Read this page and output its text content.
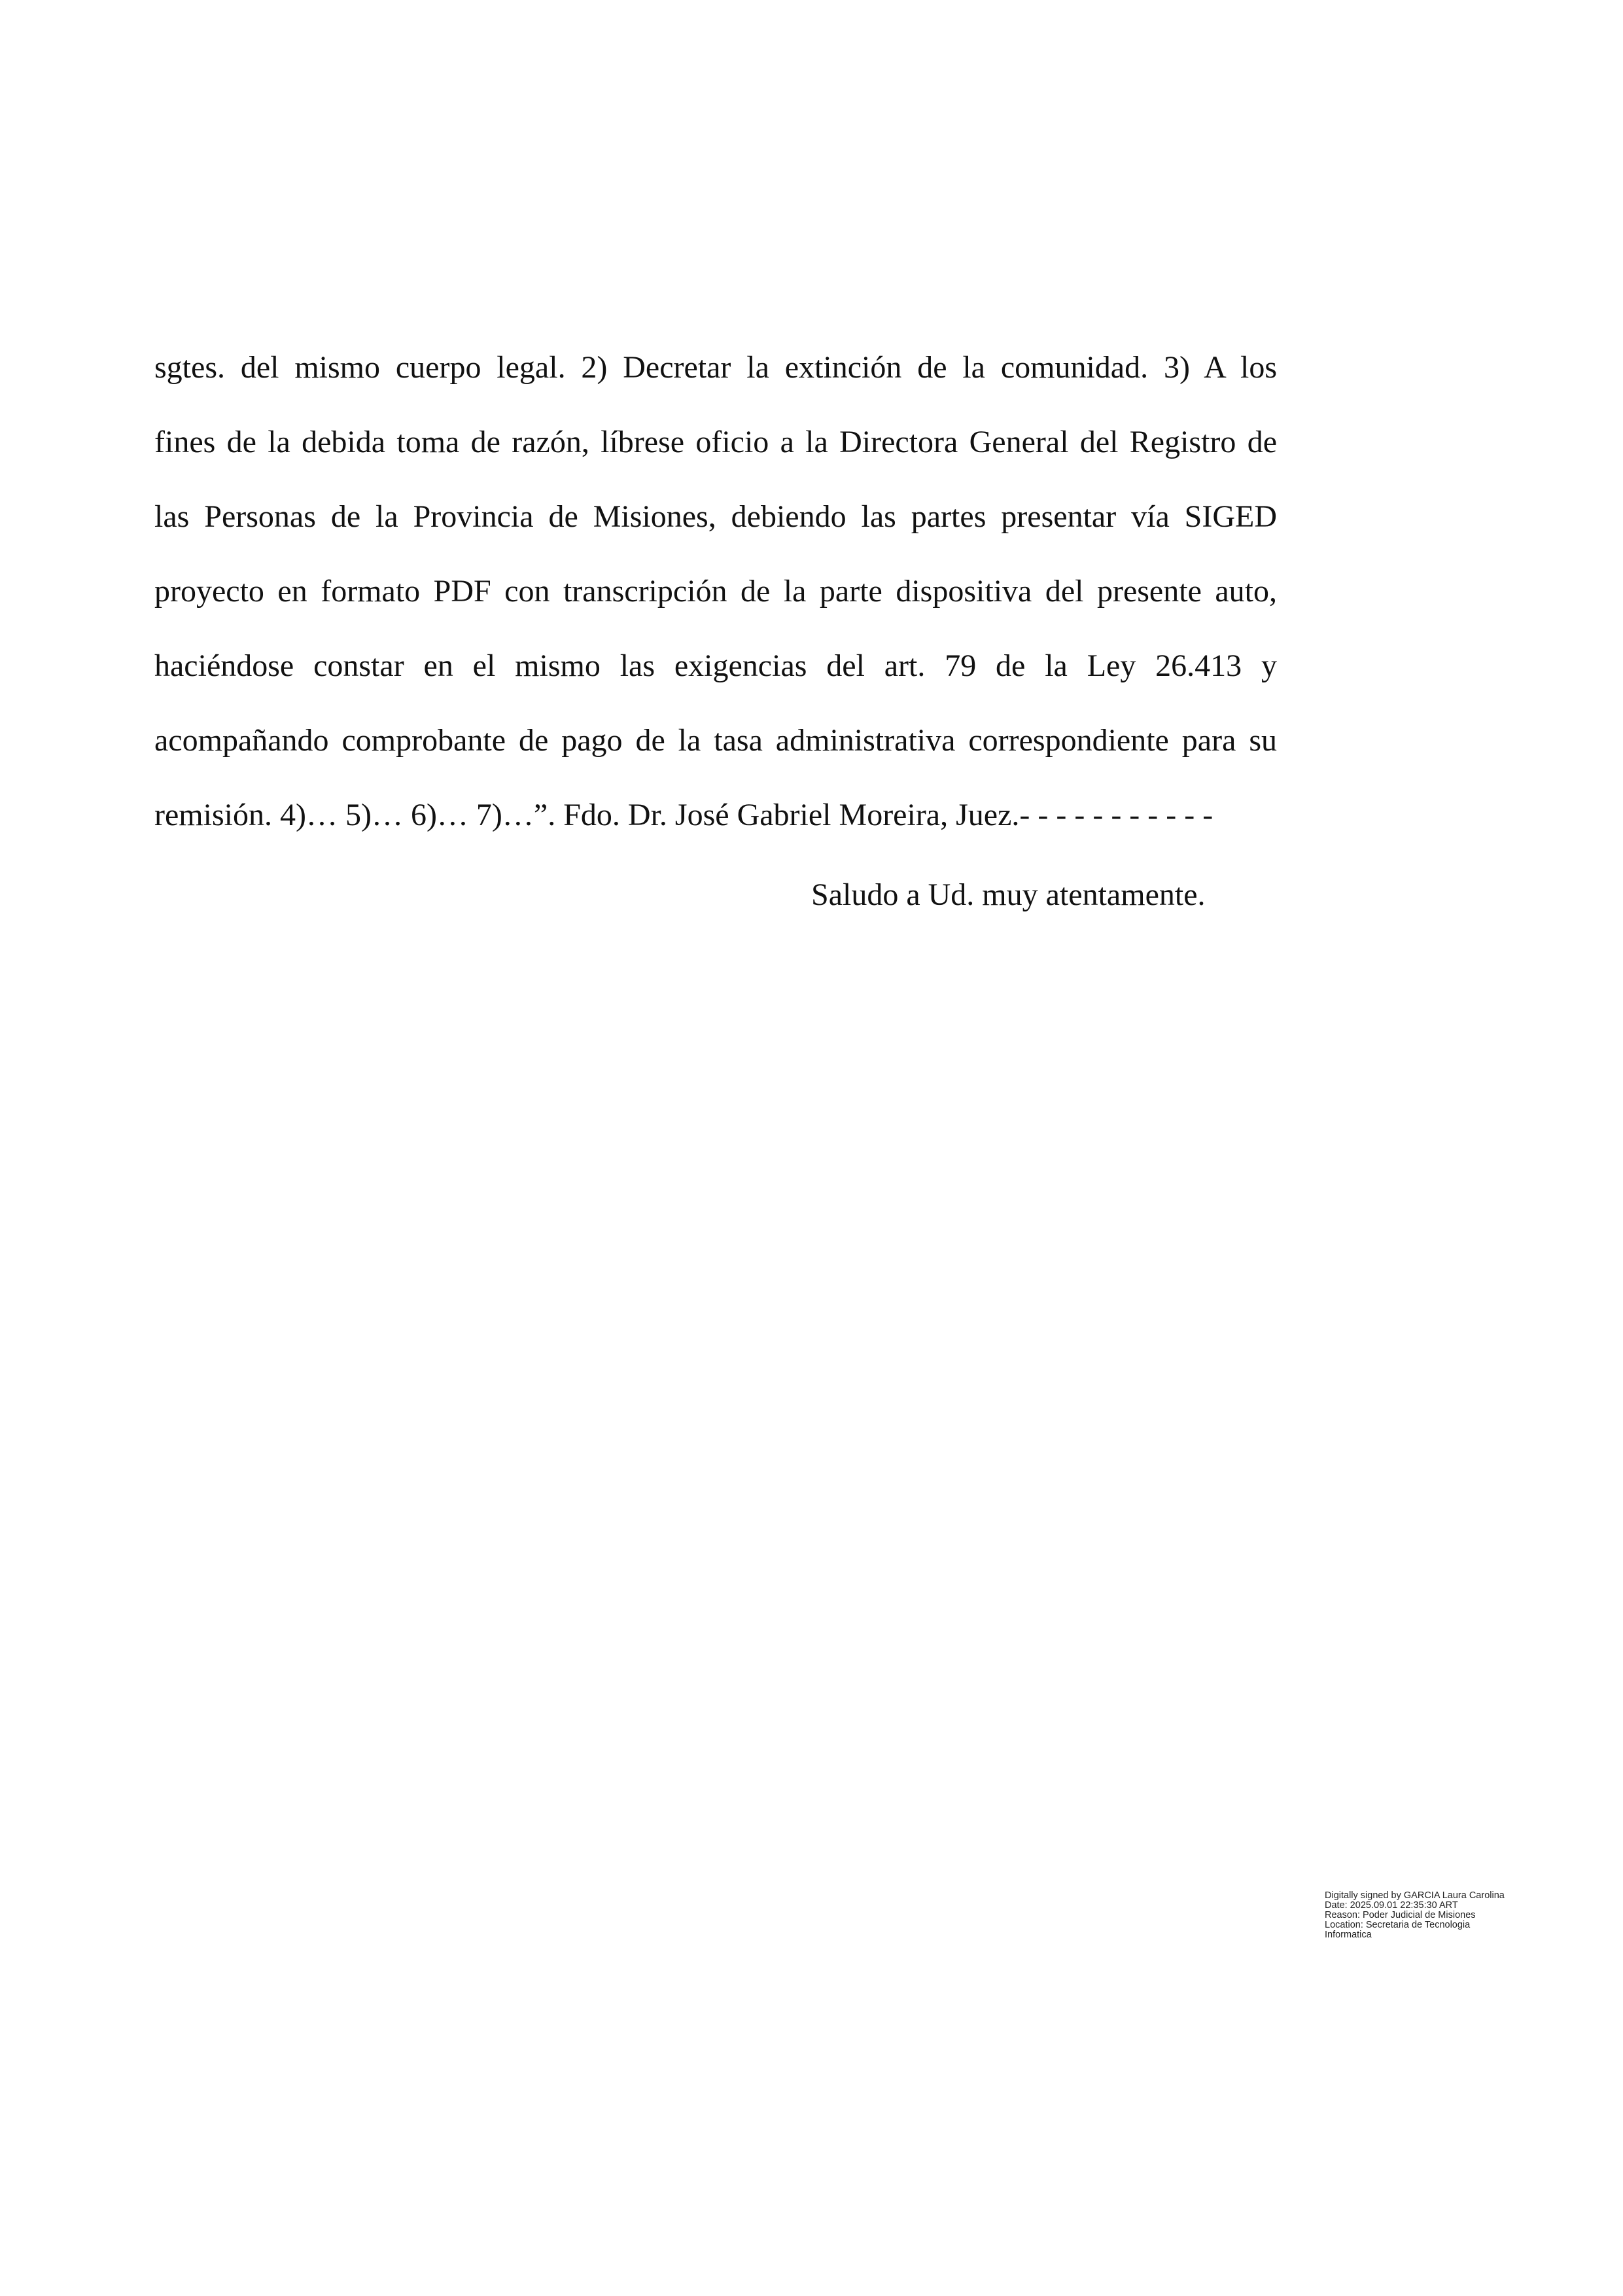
sgtes. del mismo cuerpo legal. 2) Decretar la extinción de la comunidad. 3) A los
fines de la debida toma de razón, líbrese oficio a la Directora General del Registro de
las Personas de la Provincia de Misiones, debiendo las partes presentar vía SIGED
proyecto en formato PDF con transcripción de la parte dispositiva del presente auto,
haciéndose constar en el mismo las exigencias del art. 79 de la Ley 26.413 y
acompañando comprobante de pago de la tasa administrativa correspondiente para su
remisión. 4)… 5)… 6)… 7)…”. Fdo. Dr. José Gabriel Moreira, Juez.- - - - - - - - - - -
Saludo a Ud. muy atentamente.
Digitally signed by GARCIA Laura Carolina
Date: 2025.09.01 22:35:30 ART
Reason: Poder Judicial de Misiones
Location: Secretaria de Tecnologia
Informatica
